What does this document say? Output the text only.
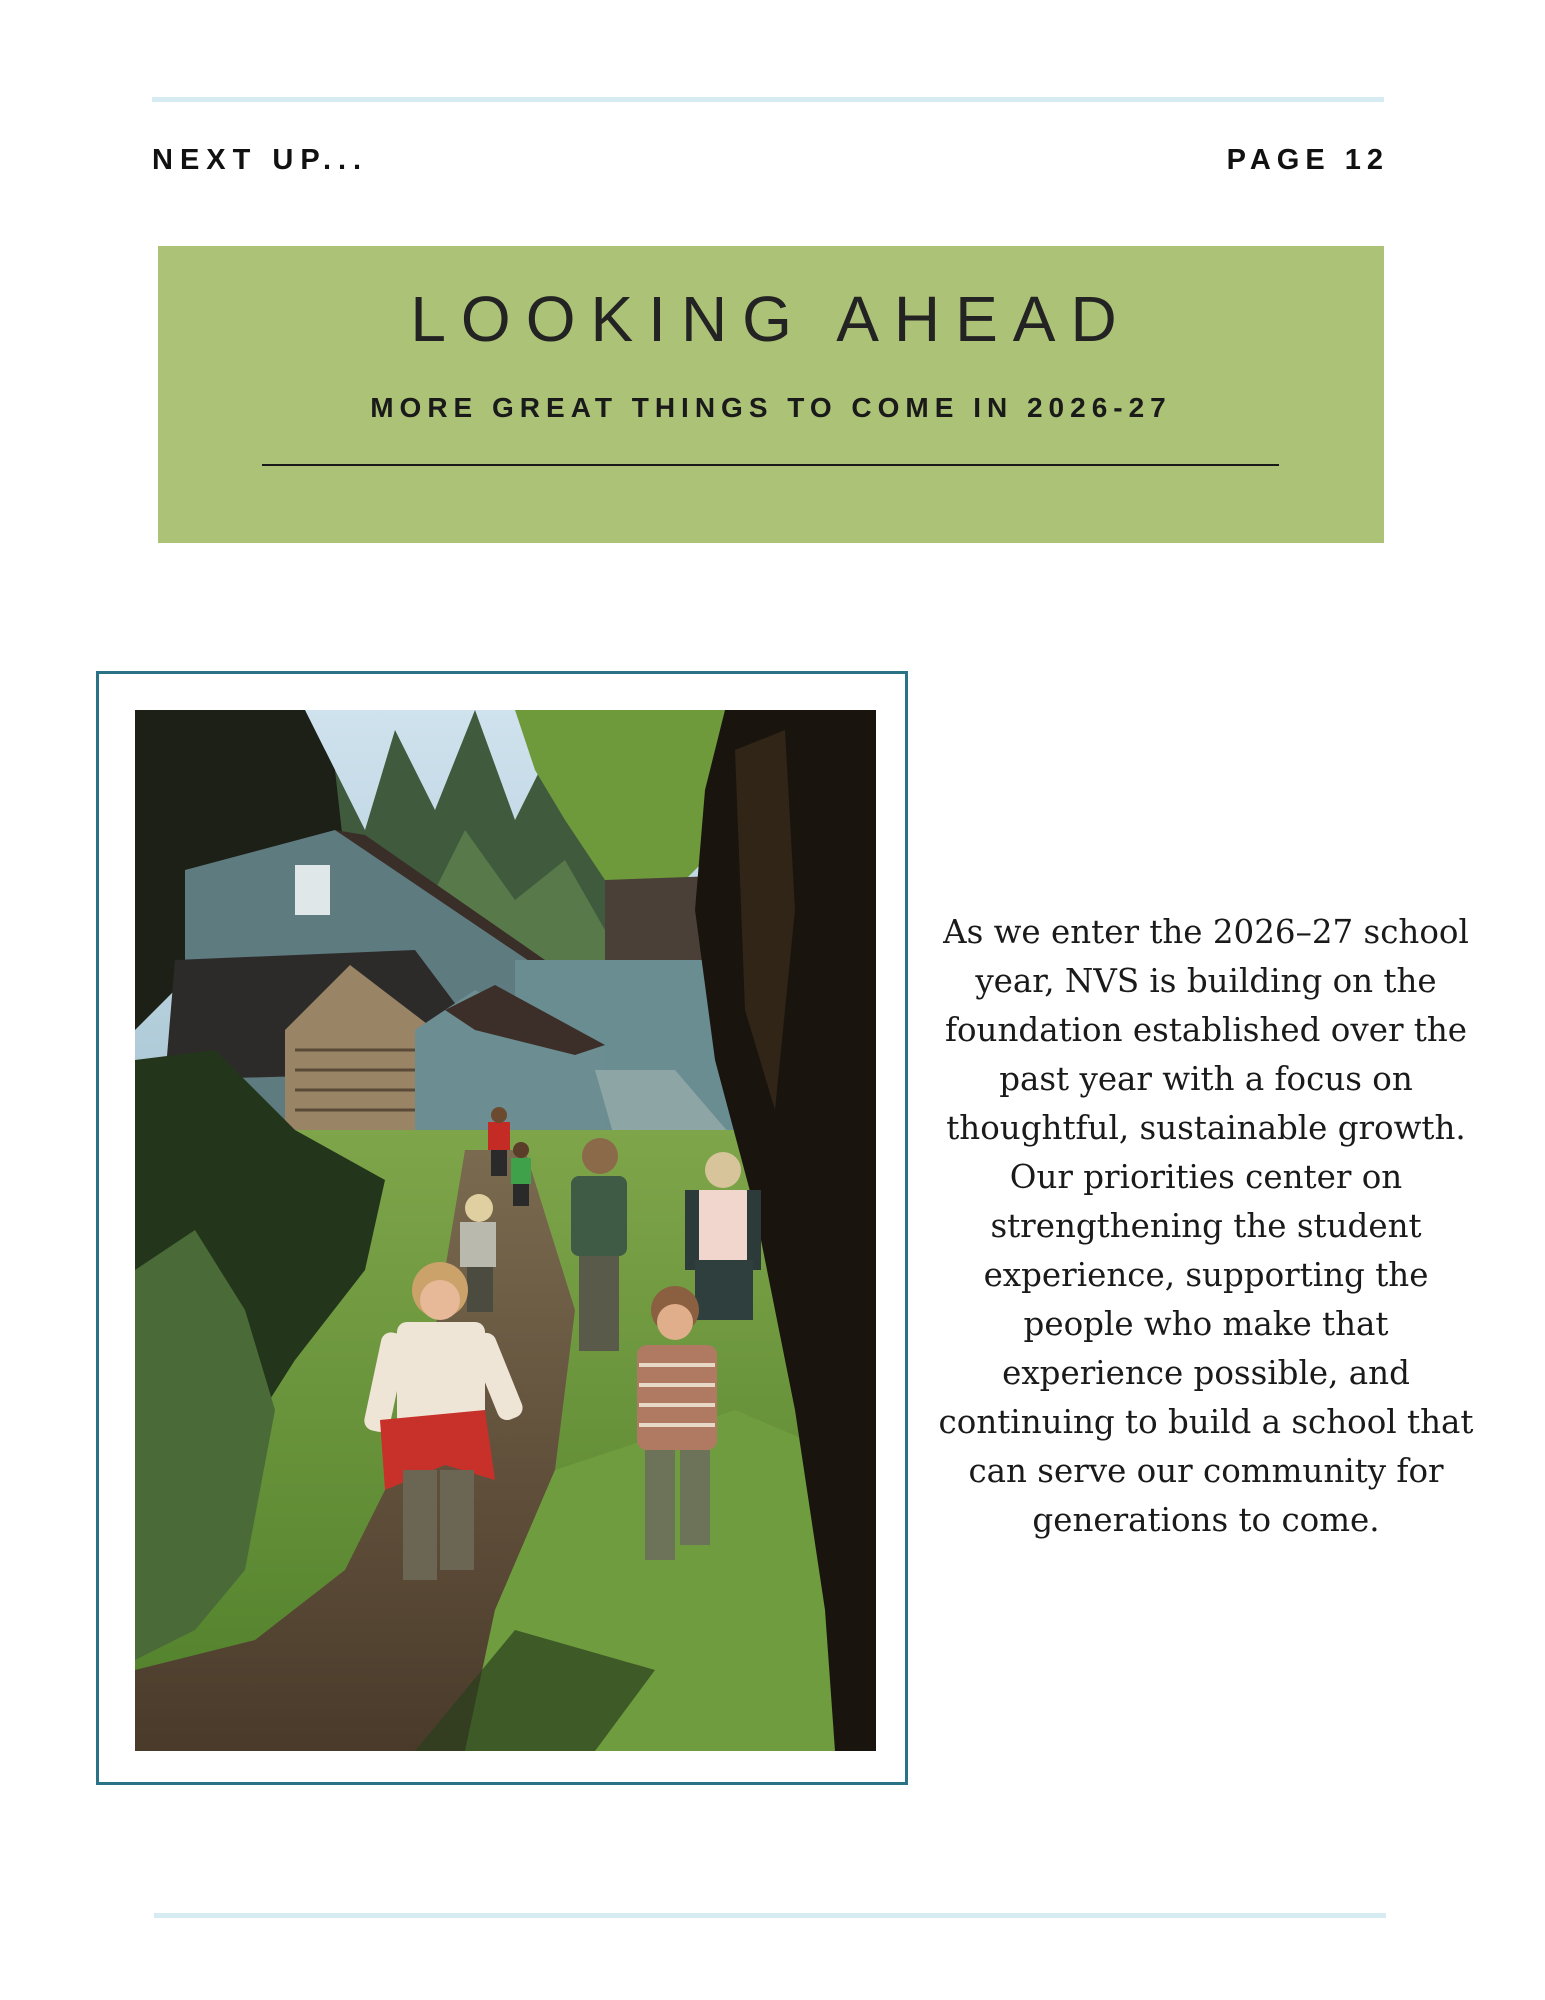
NEXT UP...	PAGE 12
LOOKING AHEAD
MORE GREAT THINGS TO COME IN 2026-27
As we enter the 2026–27 school year, NVS is building on the foundation established over the past year with a focus on thoughtful, sustainable growth. Our priorities center on strengthening the student experience, supporting the people who make that experience possible, and continuing to build a school that can serve our community for generations to come.
